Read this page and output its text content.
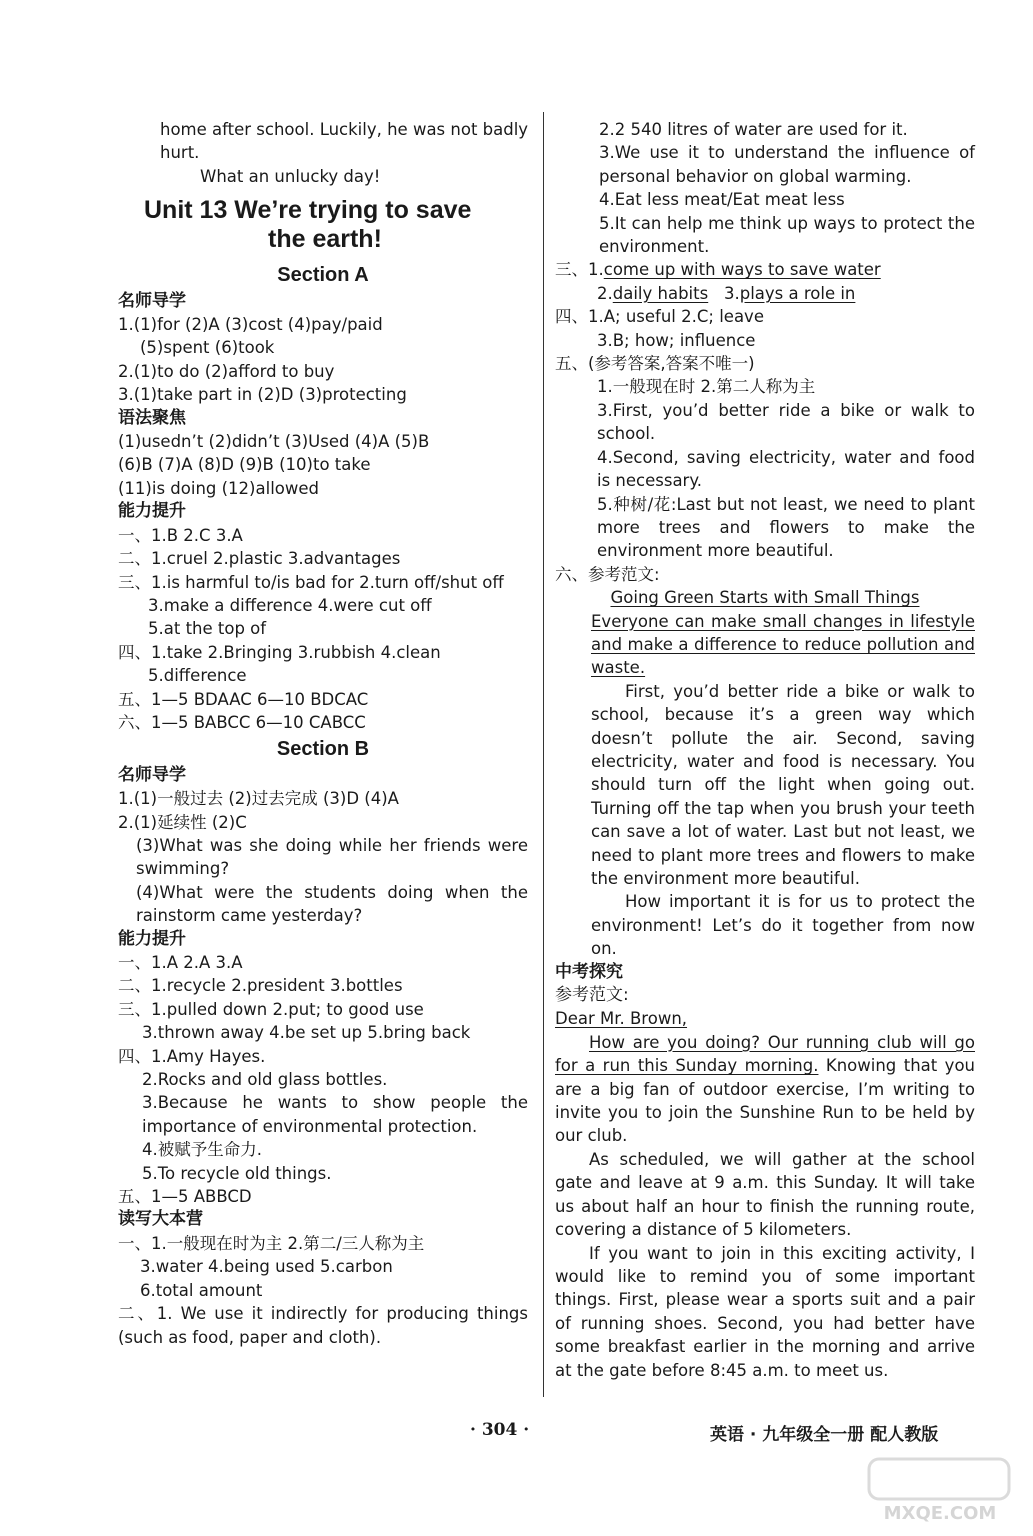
home after school. Luckily, he was not badly
hurt.
What an unlucky day!
Unit 13 We’re trying to save
the earth!
Section A
名师导学
1.(1)for (2)A (3)cost (4)pay/paid
(5)spent (6)took
2.(1)to do (2)afford to buy
3.(1)take part in (2)D (3)protecting
语法聚焦
(1)usedn’t (2)didn’t (3)Used (4)A (5)B
(6)B (7)A (8)D (9)B (10)to take
(11)is doing (12)allowed
能力提升
一、1.B 2.C 3.A
二、1.cruel 2.plastic 3.advantages
三、1.is harmful to/is bad for 2.turn off/shut off
3.make a difference 4.were cut off
5.at the top of
四、1.take 2.Bringing 3.rubbish 4.clean
5.difference
五、1—5 BDAAC 6—10 BDCAC
六、1—5 BABCC 6—10 CABCC
Section B
名师导学
1.(1)一般过去 (2)过去完成 (3)D (4)A
2.(1)延续性 (2)C
(3)What was she doing while her friends were swimming?
(4)What were the students doing when the rainstorm came yesterday?
能力提升
一、1.A 2.A 3.A
二、1.recycle 2.president 3.bottles
三、1.pulled down 2.put; to good use
3.thrown away 4.be set up 5.bring back
四、1.Amy Hayes.
2.Rocks and old glass bottles.
3.Because he wants to show people the importance of environmental protection.
4.被赋予生命力.
5.To recycle old things.
五、1—5 ABBCD
读写大本营
一、1.一般现在时为主 2.第二/三人称为主
3.water 4.being used 5.carbon
6.total amount
二、1. We use it indirectly for producing things (such as food, paper and cloth).
2.2 540 litres of water are used for it.
3.We use it to understand the influence of personal behavior on global warming.
4.Eat less meat/Eat meat less
5.It can help me think up ways to protect the environment.
三、1.come up with ways to save water
2.daily habits 3.plays a role in
四、1.A; useful 2.C; leave
3.B; how; influence
五、(参考答案,答案不唯一)
1.一般现在时 2.第二人称为主
3.First, you’d better ride a bike or walk to school.
4.Second, saving electricity, water and food is necessary.
5.种树/花:Last but not least, we need to plant more trees and flowers to make the environment more beautiful.
六、参考范文:
Going Green Starts with Small Things
Everyone can make small changes in lifestyle and make a difference to reduce pollution and waste.
First, you’d better ride a bike or walk to school, because it’s a green way which doesn’t pollute the air. Second, saving electricity, water and food is necessary. You should turn off the light when going out. Turning off the tap when you brush your teeth can save a lot of water. Last but not least, we need to plant more trees and flowers to make the environment more beautiful.
How important it is for us to protect the environment! Let’s do it together from now on.
中考探究
参考范文:
Dear Mr. Brown,
How are you doing? Our running club will go for a run this Sunday morning. Knowing that you are a big fan of outdoor exercise, I’m writing to invite you to join the Sunshine Run to be held by our club.
As scheduled, we will gather at the school gate and leave at 9 a.m. this Sunday. It will take us about half an hour to finish the running route, covering a distance of 5 kilometers.
If you want to join in this exciting activity, I would like to remind you of some important things. First, please wear a sports suit and a pair of running shoes. Second, you had better have some breakfast earlier in the morning and arrive at the gate before 8:45 a.m. to meet us.
· 304 ·	英语 · 九年级全一册 配人教版
MXQE.COM
